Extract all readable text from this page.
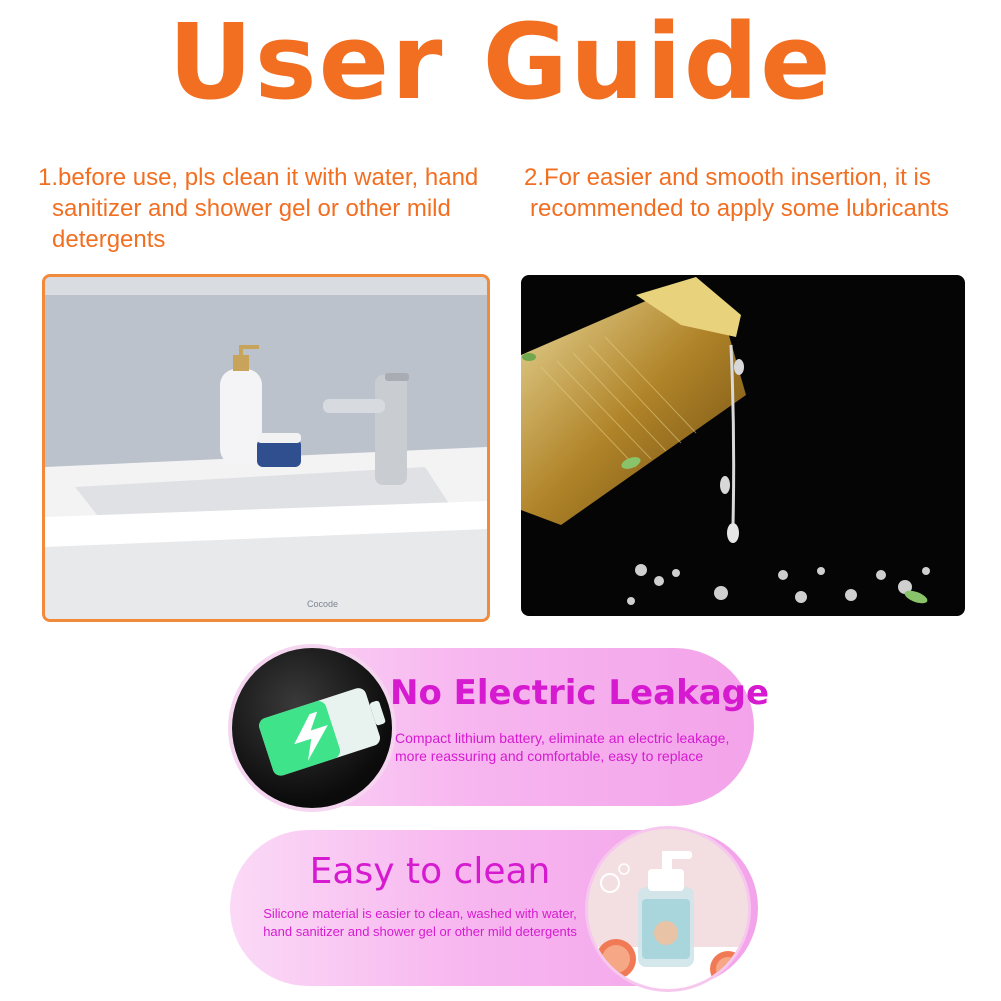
User Guide
1.before use, pls clean it with water, hand
sanitizer and shower gel or other mild
detergents
2.For easier and smooth insertion, it is
recommended to apply some lubricants
Cocode
No Electric Leakage
Compact lithium battery, eliminate an electric leakage,
more reassuring and comfortable, easy to replace
Easy to clean
Silicone material is easier to clean, washed with water,
hand sanitizer and shower gel or other mild detergents
